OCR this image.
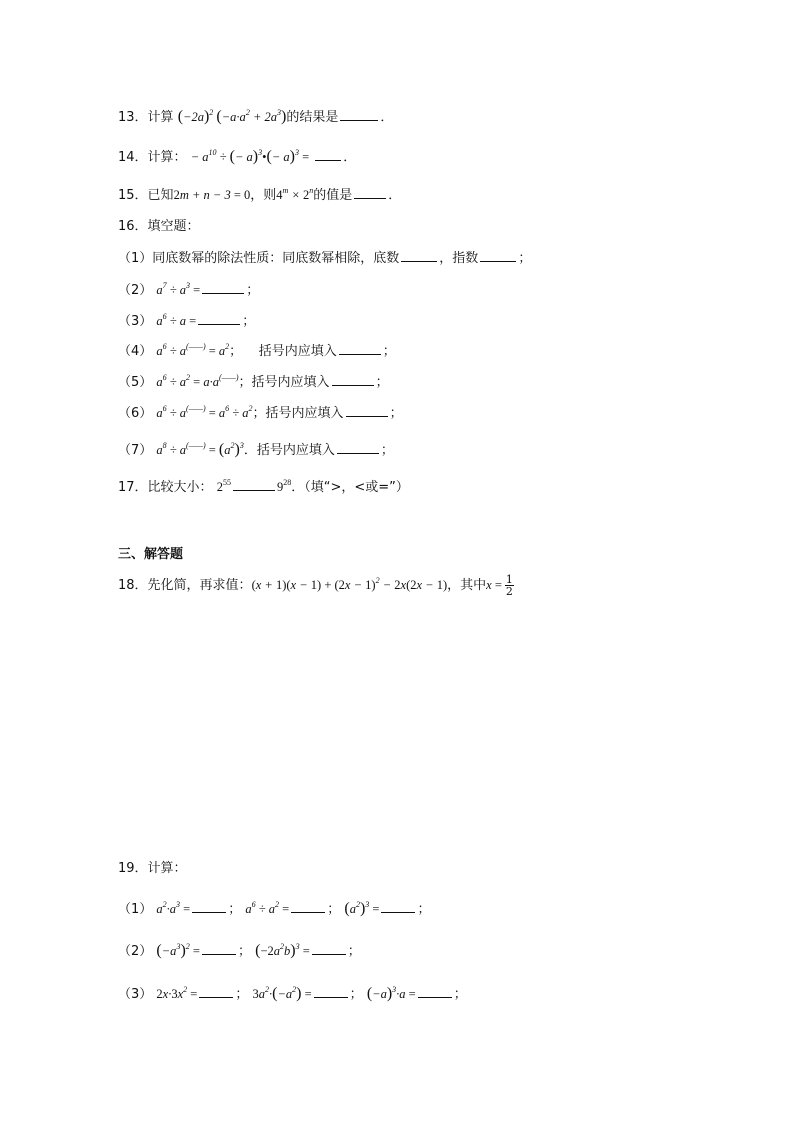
13．计算 $(-2a)^2$ $(-a\cdot a^2 + 2a^3)$的结果是	．
14．计算： − $a^{10}$ ÷ (− a)$^3$•(− a)$^3$ =	．
15．已知2m + n − 3 = 0，则$4^m \times 2^n$的值是	．
16．填空题：
（1）同底数幂的除法性质：同底数幂相除，底数	，指数	；
（2） $a^7 \div a^3$ =	；
（3） $a^6 \div a$ =	；
（4） $a^6 \div a^{(——)} = a^2$；    括号内应填入	；
（5） $a^6 \div a^2 = a\cdot a^{(——)}$；括号内应填入	；
（6） $a^6 \div a^{(——)} = a^6 \div a^2$；括号内应填入	；
（7） $a^8 \div a^{(——)} = (a^2)^3$．括号内应填入	；
17．比较大小： $2^{55}$	$9^{28}$．（填“>，<或=”）
三、解答题
18．先化简，再求值：$(x + 1)(x - 1) + (2x - 1)^2 - 2x(2x - 1)$，其中$x = \frac{1}{2}$
19．计算：
（1） $a^2\cdot a^3$ =	； $a^6 \div a^2$ =	； $(a^2)^3$ =	；
（2） $(-a^3)^2$ =	； $(-2a^2b)^3$ =	；
（3） $2x\cdot 3x^2$ =	； $3a^2\cdot(-a^2)$ =	； $(-a)^3\cdot a$ =	；
